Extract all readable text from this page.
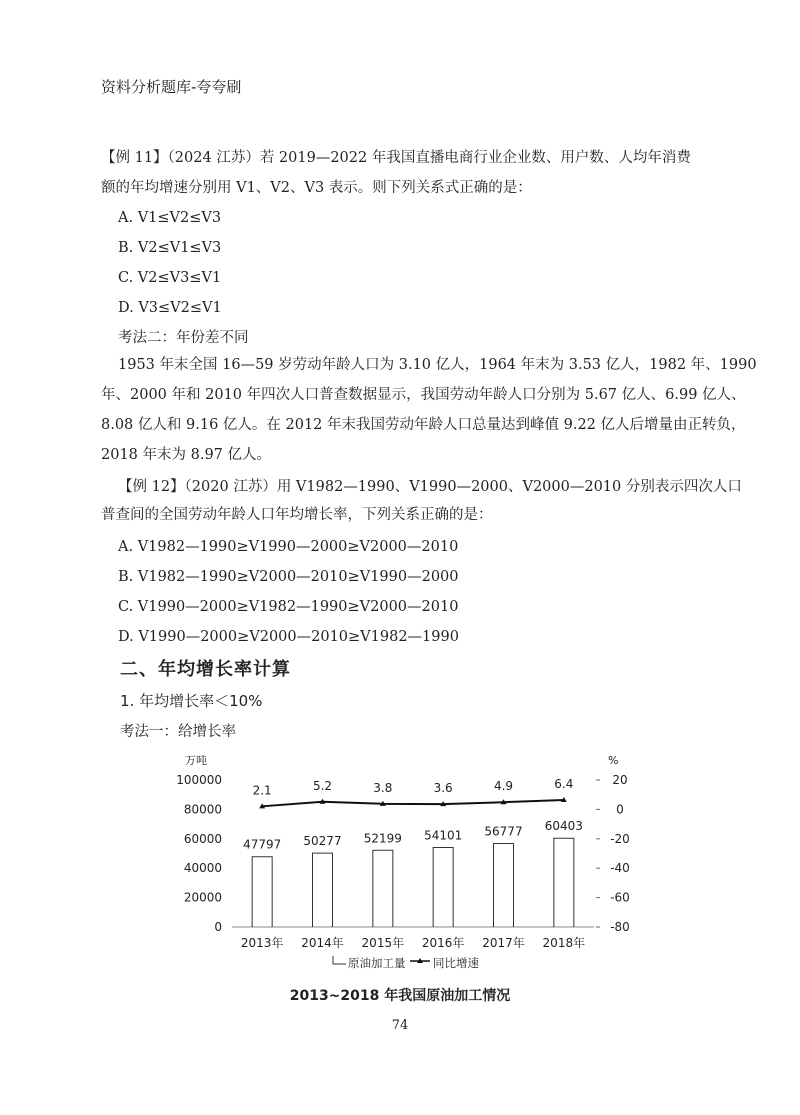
资料分析题库-夸夸刷
【例 11】（2024 江苏）若 2019—2022 年我国直播电商行业企业数、用户数、人均年消费
额的年均增速分别用 V1、V2、V3 表示。则下列关系式正确的是：
A. V1≤V2≤V3
B. V2≤V1≤V3
C. V2≤V3≤V1
D. V3≤V2≤V1
考法二：年份差不同
1953 年末全国 16—59 岁劳动年龄人口为 3.10 亿人，1964 年末为 3.53 亿人，1982 年、1990
年、2000 年和 2010 年四次人口普查数据显示，我国劳动年龄人口分别为 5.67 亿人、6.99 亿人、
8.08 亿人和 9.16 亿人。在 2012 年末我国劳动年龄人口总量达到峰值 9.22 亿人后增量由正转负，
2018 年末为 8.97 亿人。
【例 12】（2020 江苏）用 V1982—1990、V1990—2000、V2000—2010 分别表示四次人口
普查间的全国劳动年龄人口年均增长率，下列关系正确的是：
A. V1982—1990≥V1990—2000≥V2000—2010
B. V1982—1990≥V2000—2010≥V1990—2000
C. V1990—2000≥V1982—1990≥V2000—2010
D. V1990—2000≥V2000—2010≥V1982—1990
二、年均增长率计算
1. 年均增长率＜10%
考法一：给增长率
万吨	%
0
20000
40000
60000
80000
100000
-80
-60
-40
-20
0
20
2013年 2014年 2015年 2016年 2017年 2018年
47797 50277 52199 54101 56777 60403
2.1	5.2	3.8	3.6	4.9	6.4
原油加工量 同比增速
2013~2018 年我国原油加工情况
74
